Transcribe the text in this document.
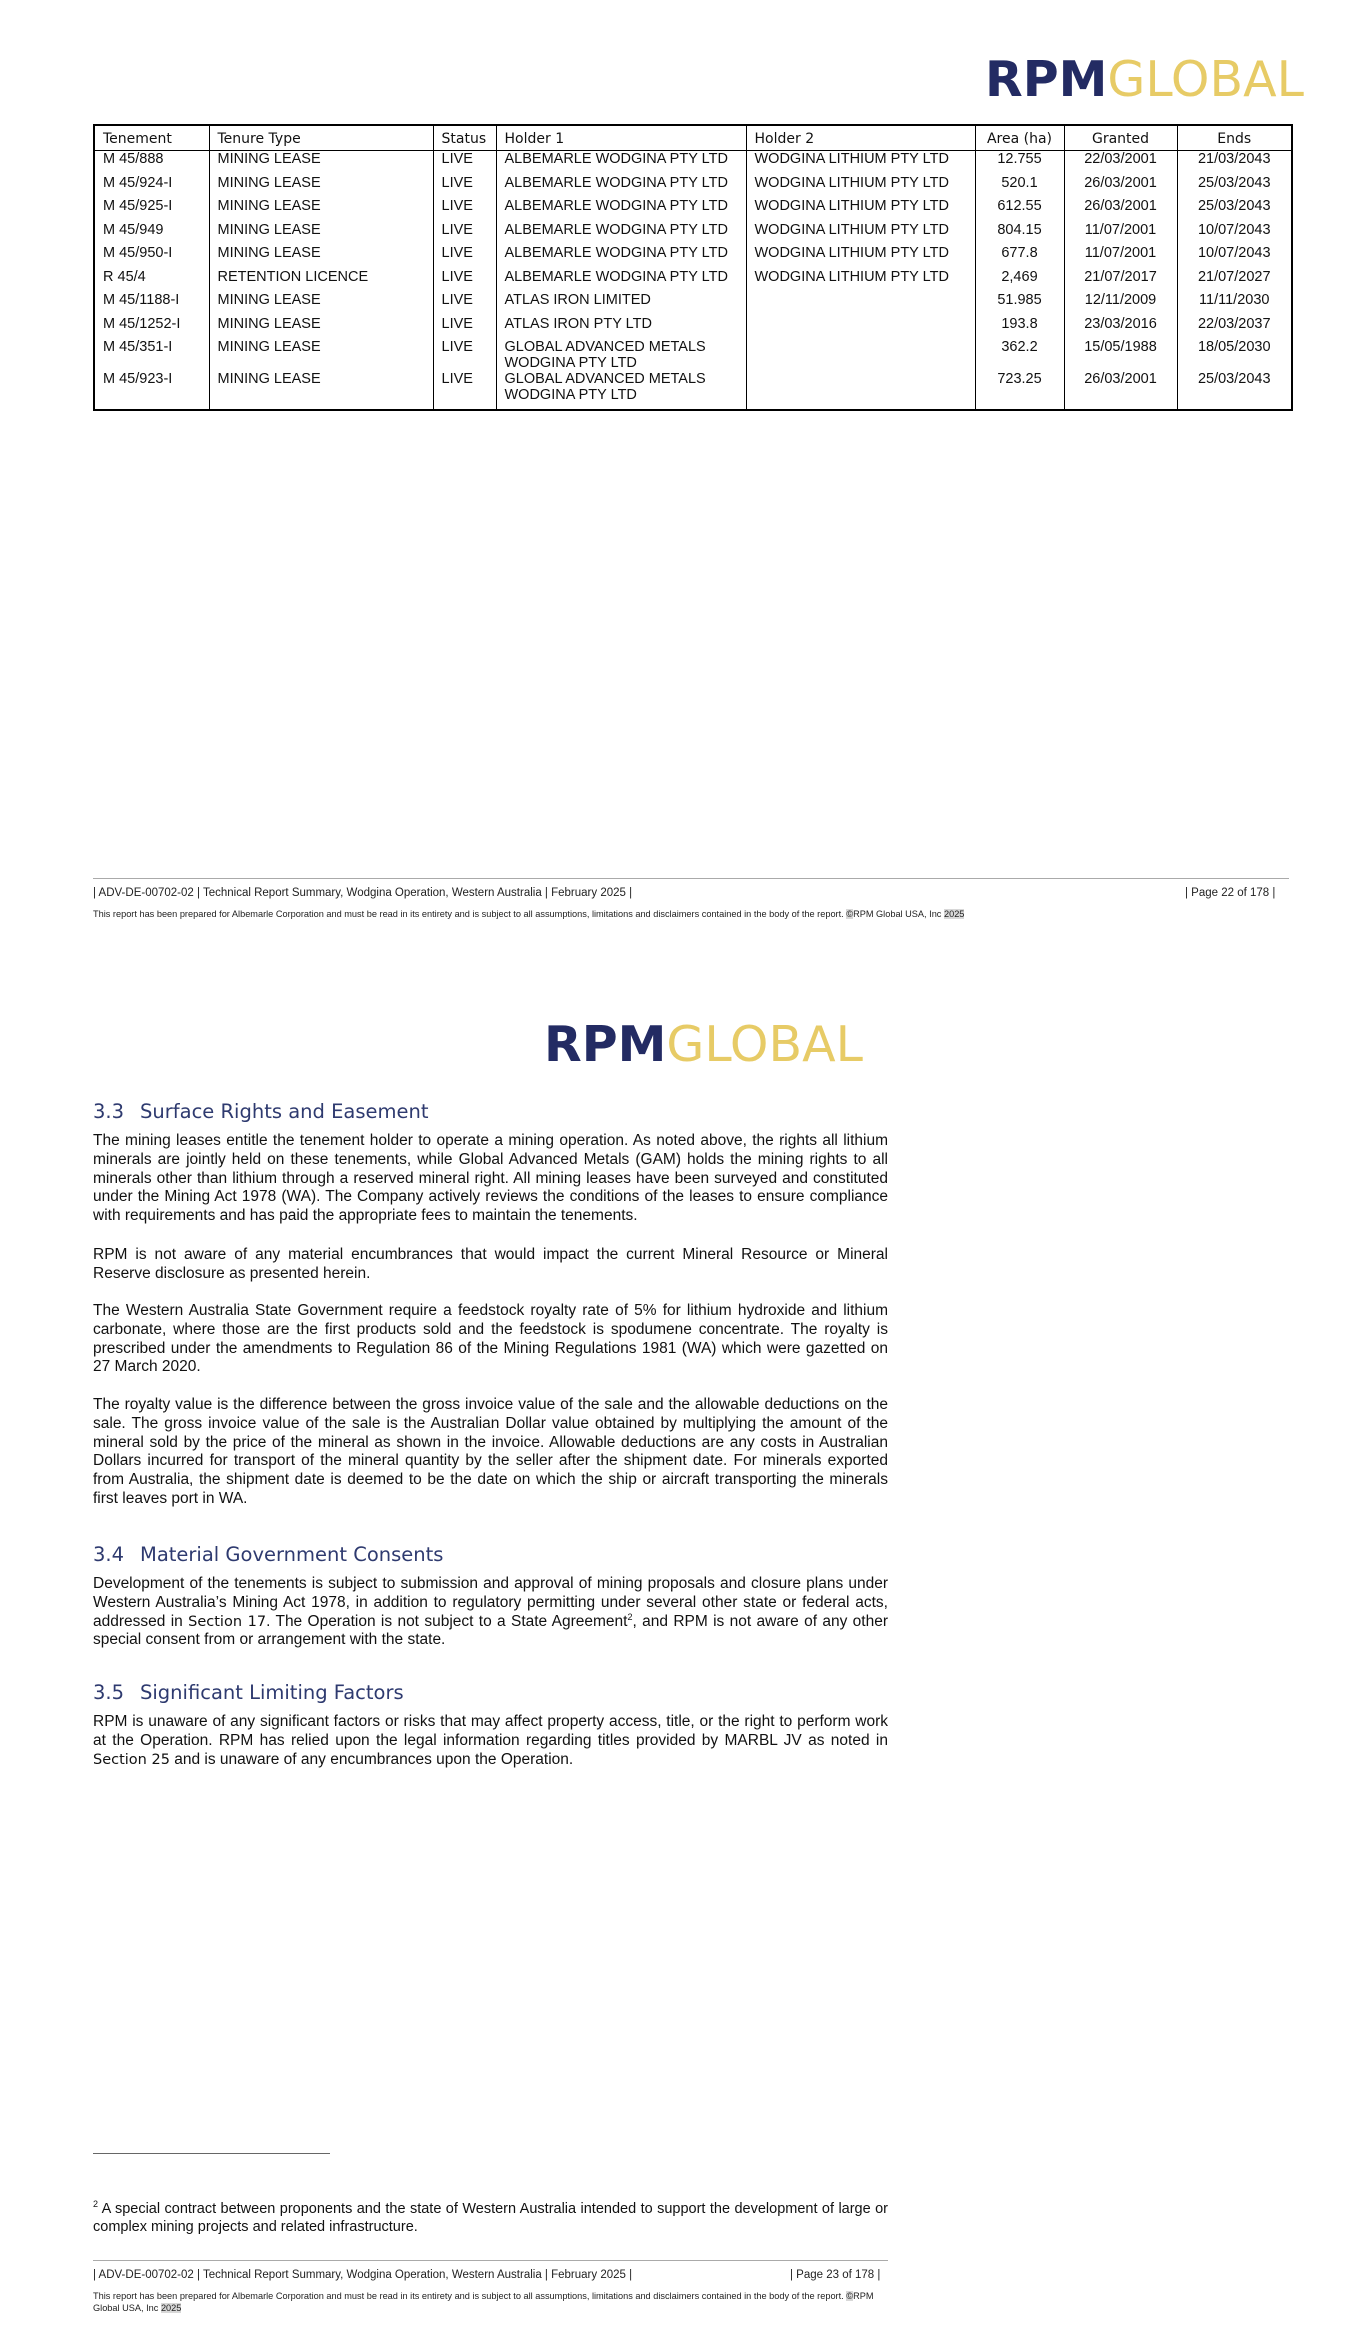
RPMGLOBAL
Tenement	Tenure Type	Status	Holder 1	Holder 2	Area (ha)	Granted	Ends
M 45/888	MINING LEASE	LIVE	ALBEMARLE WODGINA PTY LTD	WODGINA LITHIUM PTY LTD	12.755	22/03/2001	21/03/2043
M 45/924-I	MINING LEASE	LIVE	ALBEMARLE WODGINA PTY LTD	WODGINA LITHIUM PTY LTD	520.1	26/03/2001	25/03/2043
M 45/925-I	MINING LEASE	LIVE	ALBEMARLE WODGINA PTY LTD	WODGINA LITHIUM PTY LTD	612.55	26/03/2001	25/03/2043
M 45/949	MINING LEASE	LIVE	ALBEMARLE WODGINA PTY LTD	WODGINA LITHIUM PTY LTD	804.15	11/07/2001	10/07/2043
M 45/950-I	MINING LEASE	LIVE	ALBEMARLE WODGINA PTY LTD	WODGINA LITHIUM PTY LTD	677.8	11/07/2001	10/07/2043
R 45/4	RETENTION LICENCE	LIVE	ALBEMARLE WODGINA PTY LTD	WODGINA LITHIUM PTY LTD	2,469	21/07/2017	21/07/2027
M 45/1188-I	MINING LEASE	LIVE	ATLAS IRON LIMITED		51.985	12/11/2009	11/11/2030
M 45/1252-I	MINING LEASE	LIVE	ATLAS IRON PTY LTD		193.8	23/03/2016	22/03/2037
M 45/351-I	MINING LEASE	LIVE	GLOBAL ADVANCED METALS WODGINA PTY LTD		362.2	15/05/1988	18/05/2030
M 45/923-I	MINING LEASE	LIVE	GLOBAL ADVANCED METALS WODGINA PTY LTD		723.25	26/03/2001	25/03/2043
| ADV-DE-00702-02 | Technical Report Summary, Wodgina Operation, Western Australia | February 2025 |	| Page 22 of 178 |
This report has been prepared for Albemarle Corporation and must be read in its entirety and is subject to all assumptions, limitations and disclaimers contained in the body of the report. ©RPM Global USA, Inc 2025
RPMGLOBAL
3.3 Surface Rights and Easement

The mining leases entitle the tenement holder to operate a mining operation. As noted above, the rights all lithium minerals are jointly held on these tenements, while Global Advanced Metals (GAM) holds the mining rights to all minerals other than lithium through a reserved mineral right. All mining leases have been surveyed and constituted under the Mining Act 1978 (WA). The Company actively reviews the conditions of the leases to ensure compliance with requirements and has paid the appropriate fees to maintain the tenements.

RPM is not aware of any material encumbrances that would impact the current Mineral Resource or Mineral Reserve disclosure as presented herein.

The Western Australia State Government require a feedstock royalty rate of 5% for lithium hydroxide and lithium carbonate, where those are the first products sold and the feedstock is spodumene concentrate. The royalty is prescribed under the amendments to Regulation 86 of the Mining Regulations 1981 (WA) which were gazetted on 27 March 2020.

The royalty value is the difference between the gross invoice value of the sale and the allowable deductions on the sale. The gross invoice value of the sale is the Australian Dollar value obtained by multiplying the amount of the mineral sold by the price of the mineral as shown in the invoice. Allowable deductions are any costs in Australian Dollars incurred for transport of the mineral quantity by the seller after the shipment date. For minerals exported from Australia, the shipment date is deemed to be the date on which the ship or aircraft transporting the minerals first leaves port in WA.

3.4 Material Government Consents

Development of the tenements is subject to submission and approval of mining proposals and closure plans under Western Australia’s Mining Act 1978, in addition to regulatory permitting under several other state or federal acts, addressed in Section 17. The Operation is not subject to a State Agreement$^2$, and RPM is not aware of any other special consent from or arrangement with the state.

3.5 Significant Limiting Factors

RPM is unaware of any significant factors or risks that may affect property access, title, or the right to perform work at the Operation. RPM has relied upon the legal information regarding titles provided by MARBL JV as noted in Section 25 and is unaware of any encumbrances upon the Operation.

$^2$ A special contract between proponents and the state of Western Australia intended to support the development of large or complex mining projects and related infrastructure.

| ADV-DE-00702-02 | Technical Report Summary, Wodgina Operation, Western Australia | February 2025 |	| Page 23 of 178 |
This report has been prepared for Albemarle Corporation and must be read in its entirety and is subject to all assumptions, limitations and disclaimers contained in the body of the report. ©RPM Global USA, Inc 2025
